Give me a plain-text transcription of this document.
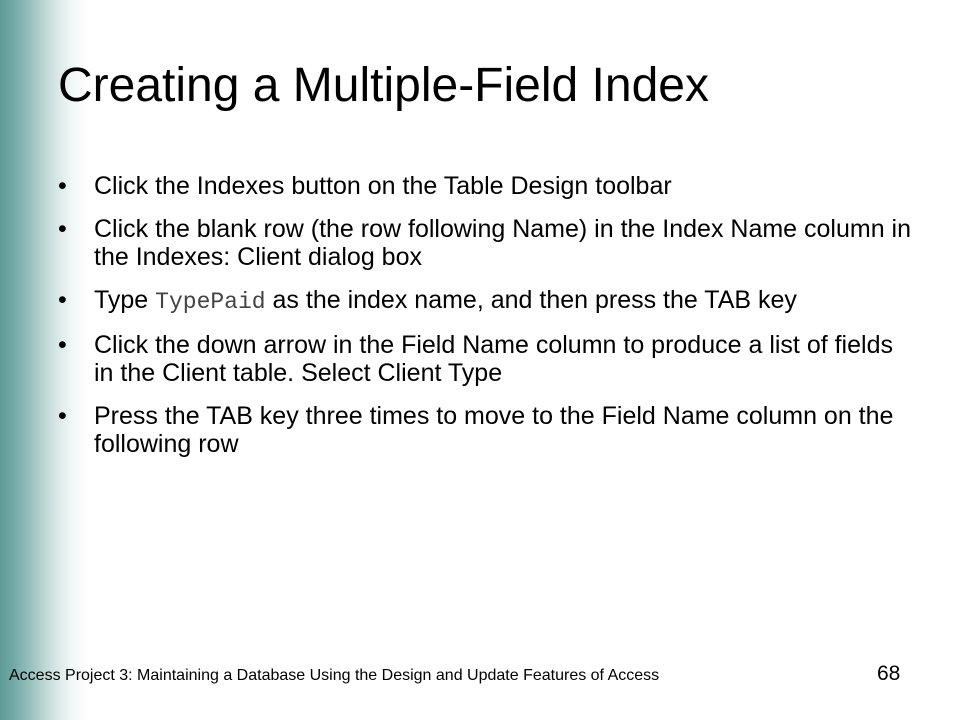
Creating a Multiple-Field Index
•	Click the Indexes button on the Table Design toolbar
•	Click the blank row (the row following Name) in the Index Name column in the Indexes: Client dialog box
•	Type TypePaid as the index name, and then press the TAB key
•	Click the down arrow in the Field Name column to produce a list of fields in the Client table. Select Client Type
•	Press the TAB key three times to move to the Field Name column on the following row
Access Project 3: Maintaining a Database Using the Design and Update Features of Access	68
